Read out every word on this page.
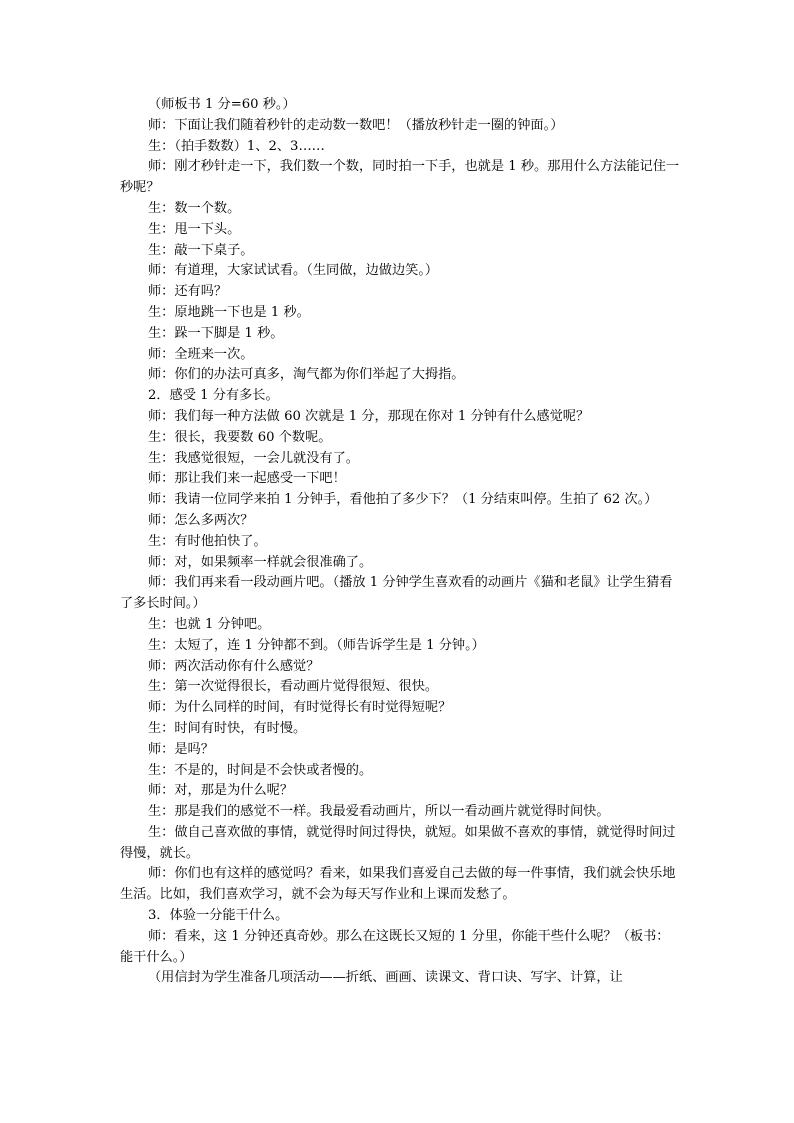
（师板书 1 分=60 秒。）

师：下面让我们随着秒针的走动数一数吧！（播放秒针走一圈的钟面。）

生：（拍手数数）1、2、3……

师：刚才秒针走一下，我们数一个数，同时拍一下手，也就是 1 秒。那用什么方法能记住一秒呢？

生：数一个数。

生：甩一下头。

生：敲一下桌子。

师：有道理，大家试试看。（生同做，边做边笑。）

师：还有吗？

生：原地跳一下也是 1 秒。

生：跺一下脚是 1 秒。

师：全班来一次。

师：你们的办法可真多，淘气都为你们举起了大拇指。

2．感受 1 分有多长。

师：我们每一种方法做 60 次就是 1 分，那现在你对 1 分钟有什么感觉呢？

生：很长，我要数 60 个数呢。

生：我感觉很短，一会儿就没有了。

师：那让我们来一起感受一下吧！

师：我请一位同学来拍 1 分钟手，看他拍了多少下？（1 分结束叫停。生拍了 62 次。）

师：怎么多两次？

生：有时他拍快了。

师：对，如果频率一样就会很准确了。

师：我们再来看一段动画片吧。（播放 1 分钟学生喜欢看的动画片《猫和老鼠》让学生猜看了多长时间。）

生：也就 1 分钟吧。

生：太短了，连 1 分钟都不到。（师告诉学生是 1 分钟。）

师：两次活动你有什么感觉？

生：第一次觉得很长，看动画片觉得很短、很快。

师：为什么同样的时间，有时觉得长有时觉得短呢？

生：时间有时快，有时慢。

师：是吗？

生：不是的，时间是不会快或者慢的。

师：对，那是为什么呢？

生：那是我们的感觉不一样。我最爱看动画片，所以一看动画片就觉得时间快。

生：做自己喜欢做的事情，就觉得时间过得快，就短。如果做不喜欢的事情，就觉得时间过得慢，就长。

师：你们也有这样的感觉吗？看来，如果我们喜爱自己去做的每一件事情，我们就会快乐地生活。比如，我们喜欢学习，就不会为每天写作业和上课而发愁了。

3．体验一分能干什么。

师：看来，这 1 分钟还真奇妙。那么在这既长又短的 1 分里，你能干些什么呢？（板书：能干什么。）

（用信封为学生准备几项活动——折纸、画画、读课文、背口诀、写字、计算，让
